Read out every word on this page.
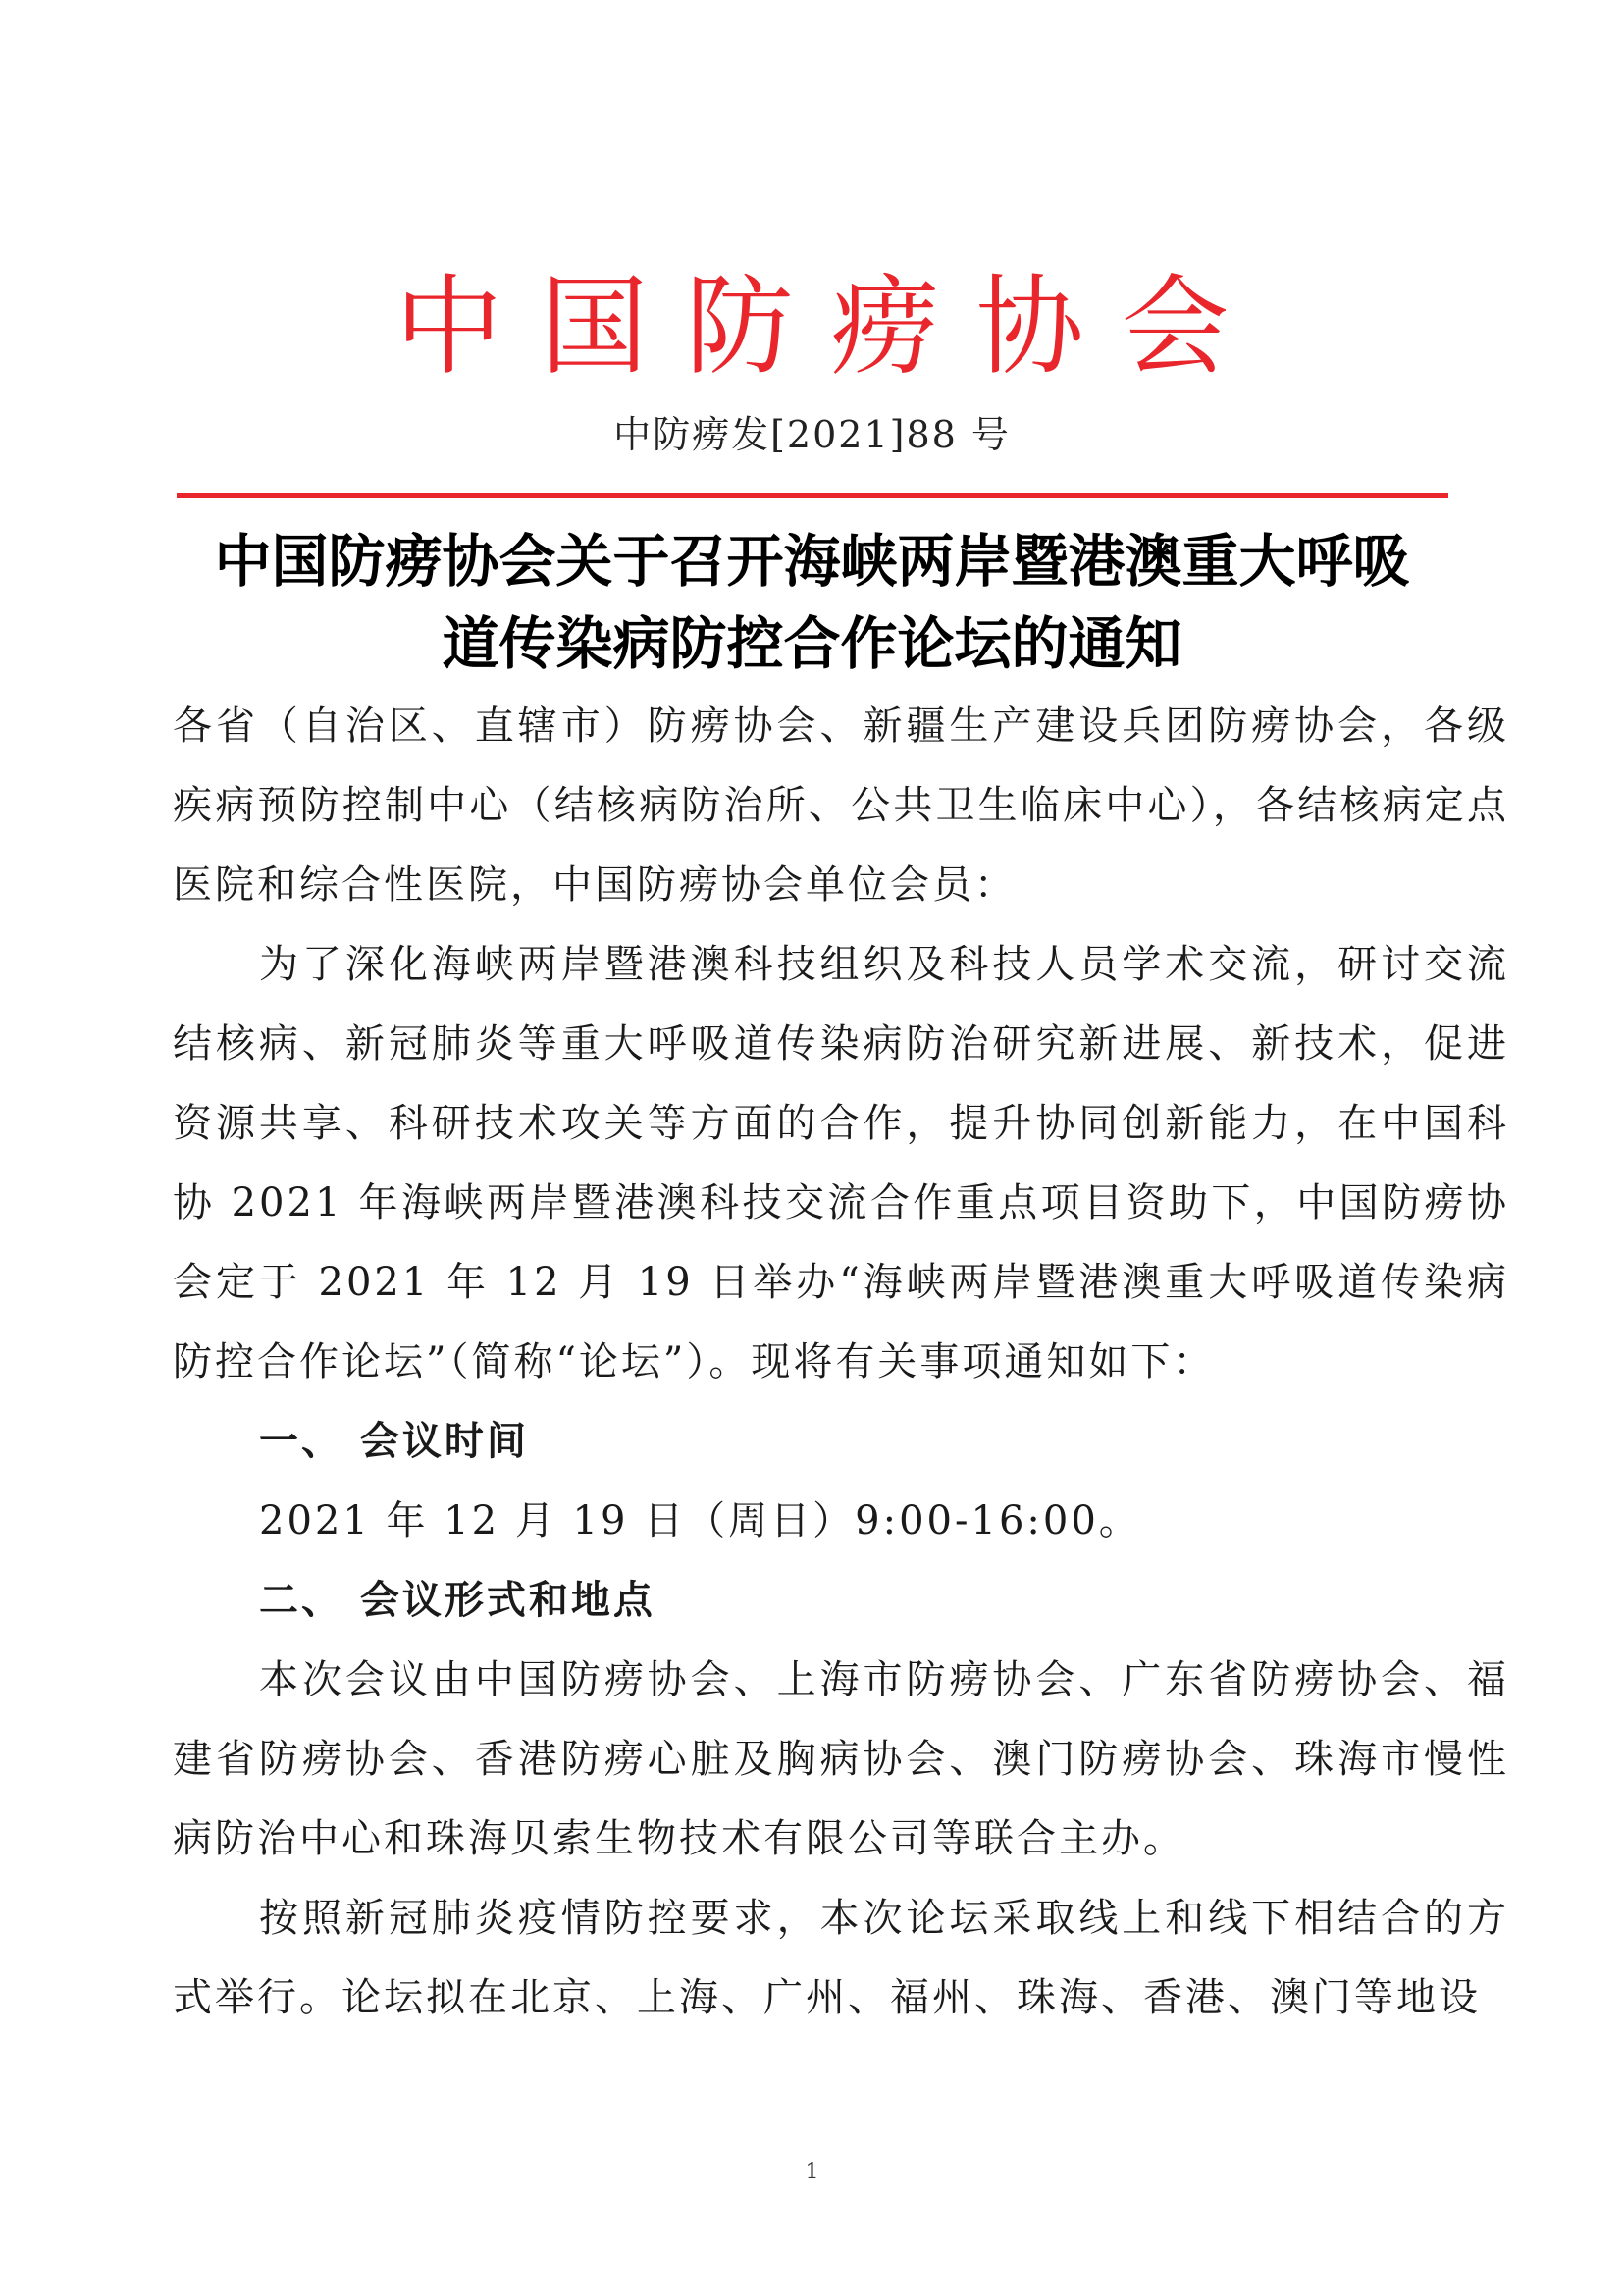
中国防痨协会
中防痨发[2021]88 号
中国防痨协会关于召开海峡两岸暨港澳重大呼吸道传染病防控合作论坛的通知

各省（自治区、直辖市）防痨协会、新疆生产建设兵团防痨协会，各级疾病预防控制中心（结核病防治所、公共卫生临床中心），各结核病定点医院和综合性医院，中国防痨协会单位会员：

为了深化海峡两岸暨港澳科技组织及科技人员学术交流，研讨交流结核病、新冠肺炎等重大呼吸道传染病防治研究新进展、新技术，促进资源共享、科研技术攻关等方面的合作，提升协同创新能力，在中国科协 2021 年海峡两岸暨港澳科技交流合作重点项目资助下，中国防痨协会定于 2021 年 12 月 19 日举办“海峡两岸暨港澳重大呼吸道传染病防控合作论坛”（简称“论坛”）。现将有关事项通知如下：

一、 会议时间

2021 年 12 月 19 日（周日）9:00-16:00。

二、 会议形式和地点

本次会议由中国防痨协会、上海市防痨协会、广东省防痨协会、福建省防痨协会、香港防痨心脏及胸病协会、澳门防痨协会、珠海市慢性病防治中心和珠海贝索生物技术有限公司等联合主办。

按照新冠肺炎疫情防控要求，本次论坛采取线上和线下相结合的方式举行。论坛拟在北京、上海、广州、福州、珠海、香港、澳门等地设

1
